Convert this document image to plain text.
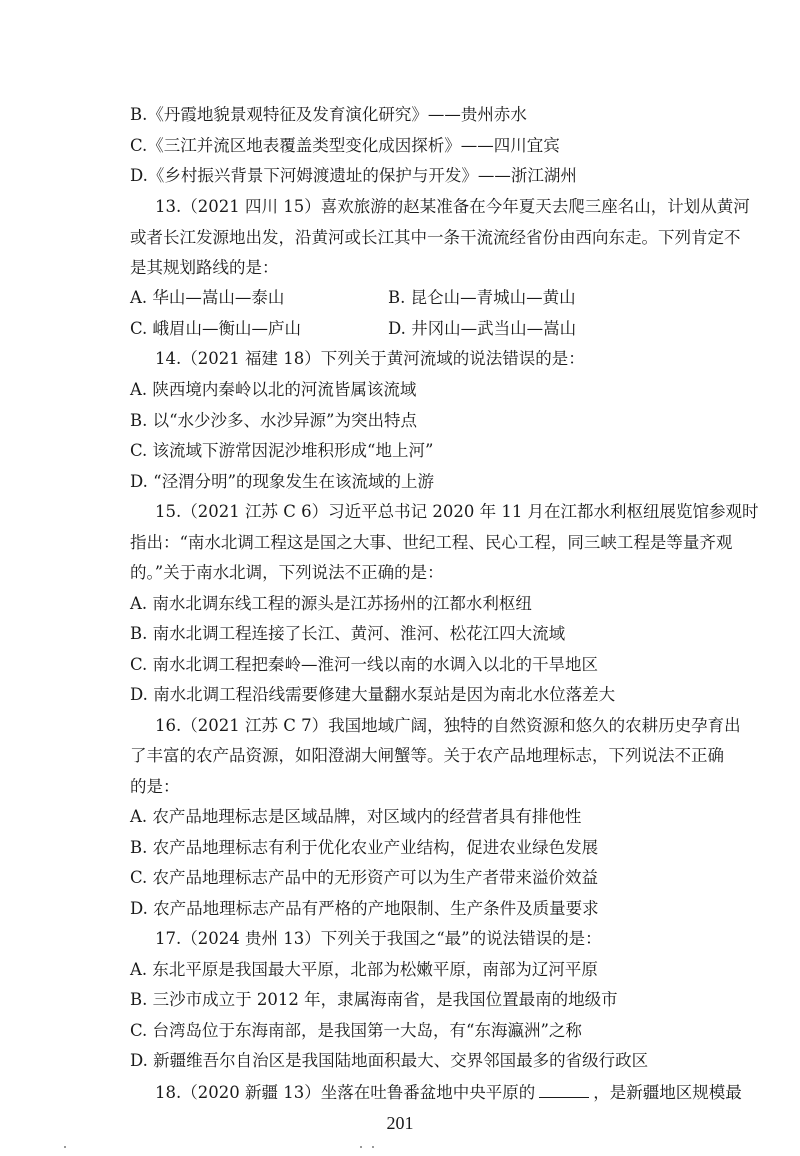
B.《丹霞地貌景观特征及发育演化研究》——贵州赤水
C.《三江并流区地表覆盖类型变化成因探析》——四川宜宾
D.《乡村振兴背景下河姆渡遗址的保护与开发》——浙江湖州
13.（2021 四川 15）喜欢旅游的赵某准备在今年夏天去爬三座名山，计划从黄河
或者长江发源地出发，沿黄河或长江其中一条干流流经省份由西向东走。下列肯定不
是其规划路线的是：
A. 华山—嵩山—泰山	B. 昆仑山—青城山—黄山
C. 峨眉山—衡山—庐山	D. 井冈山—武当山—嵩山
14.（2021 福建 18）下列关于黄河流域的说法错误的是：
A. 陕西境内秦岭以北的河流皆属该流域
B. 以“水少沙多、水沙异源”为突出特点
C. 该流域下游常因泥沙堆积形成“地上河”
D. “泾渭分明”的现象发生在该流域的上游
15.（2021 江苏 C 6）习近平总书记 2020 年 11 月在江都水利枢纽展览馆参观时
指出：“南水北调工程这是国之大事、世纪工程、民心工程，同三峡工程是等量齐观
的。”关于南水北调，下列说法不正确的是：
A. 南水北调东线工程的源头是江苏扬州的江都水利枢纽
B. 南水北调工程连接了长江、黄河、淮河、松花江四大流域
C. 南水北调工程把秦岭—淮河一线以南的水调入以北的干旱地区
D. 南水北调工程沿线需要修建大量翻水泵站是因为南北水位落差大
16.（2021 江苏 C 7）我国地域广阔，独特的自然资源和悠久的农耕历史孕育出
了丰富的农产品资源，如阳澄湖大闸蟹等。关于农产品地理标志，下列说法不正确
的是：
A. 农产品地理标志是区域品牌，对区域内的经营者具有排他性
B. 农产品地理标志有利于优化农业产业结构，促进农业绿色发展
C. 农产品地理标志产品中的无形资产可以为生产者带来溢价效益
D. 农产品地理标志产品有严格的产地限制、生产条件及质量要求
17.（2024 贵州 13）下列关于我国之“最”的说法错误的是：
A. 东北平原是我国最大平原，北部为松嫩平原，南部为辽河平原
B. 三沙市成立于 2012 年，隶属海南省，是我国位置最南的地级市
C. 台湾岛位于东海南部，是我国第一大岛，有“东海瀛洲”之称
D. 新疆维吾尔自治区是我国陆地面积最大、交界邻国最多的省级行政区
18.（2020 新疆 13）坐落在吐鲁番盆地中央平原的	，是新疆地区规模最
201
